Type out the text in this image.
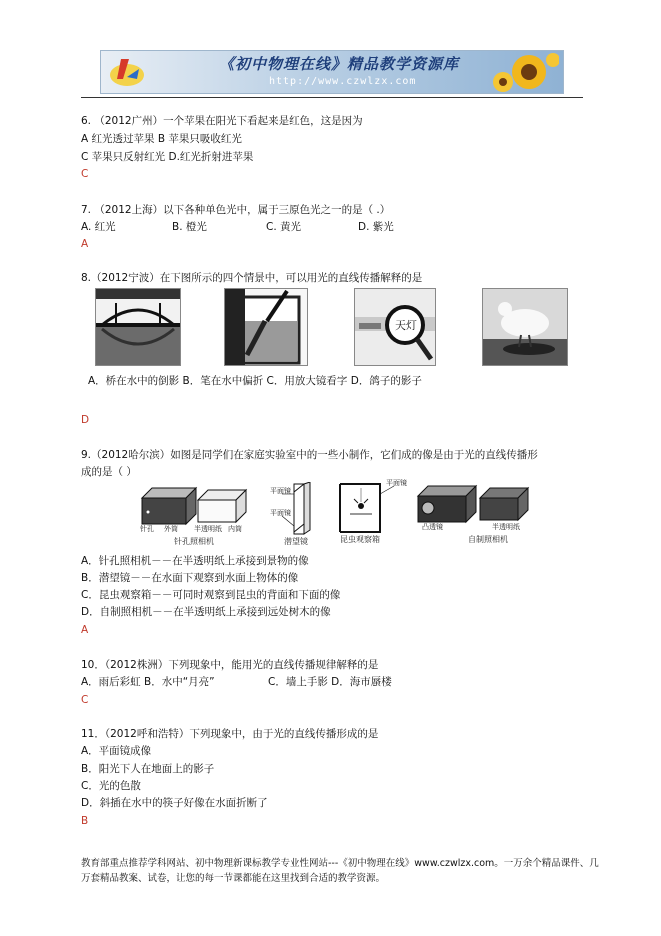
《初中物理在线》精品教学资源库
http://www.czwlzx.com
6. （2012广州）一个苹果在阳光下看起来是红色，这是因为
A 红光透过苹果 B 苹果只吸收红光
C 苹果只反射红光 D.红光折射进苹果
C
7. （2012上海）以下各种单色光中，属于三原色光之一的是（ .）
A. 红光	B. 橙光	C. 黄光	D. 紫光
A
8.（2012宁波）在下图所示的四个情景中，可以用光的直线传播解释的是
天灯
A．桥在水中的倒影 B．笔在水中偏折 C．用放大镜看字 D．鸽子的影子
D
9.（2012哈尔滨）如图是同学们在家庭实验室中的一些小制作，它们成的像是由于光的直线传播形
成的是（ ）
针孔 外筒 半透明纸 内筒
针孔照相机
平面镜
平面镜
潜望镜
平面镜
昆虫观察箱
凸透镜	半透明纸
自制照相机
A．针孔照相机－－在半透明纸上承接到景物的像
B．潜望镜－－在水面下观察到水面上物体的像
C．昆虫观察箱－－可同时观察到昆虫的背面和下面的像
D．自制照相机－－在半透明纸上承接到远处树木的像
A
10．（2012株洲）下列现象中，能用光的直线传播规律解释的是
A．雨后彩虹 B．水中“月亮”	C．墙上手影 D．海市蜃楼
C
11．（2012呼和浩特）下列现象中，由于光的直线传播形成的是
A．平面镜成像
B．阳光下人在地面上的影子
C．光的色散
D．斜插在水中的筷子好像在水面折断了
B
教育部重点推荐学科网站、初中物理新课标教学专业性网站---《初中物理在线》www.czwlzx.com。一万余个精品课件、几万套精品教案、试卷，让您的每一节课都能在这里找到合适的教学资源。
